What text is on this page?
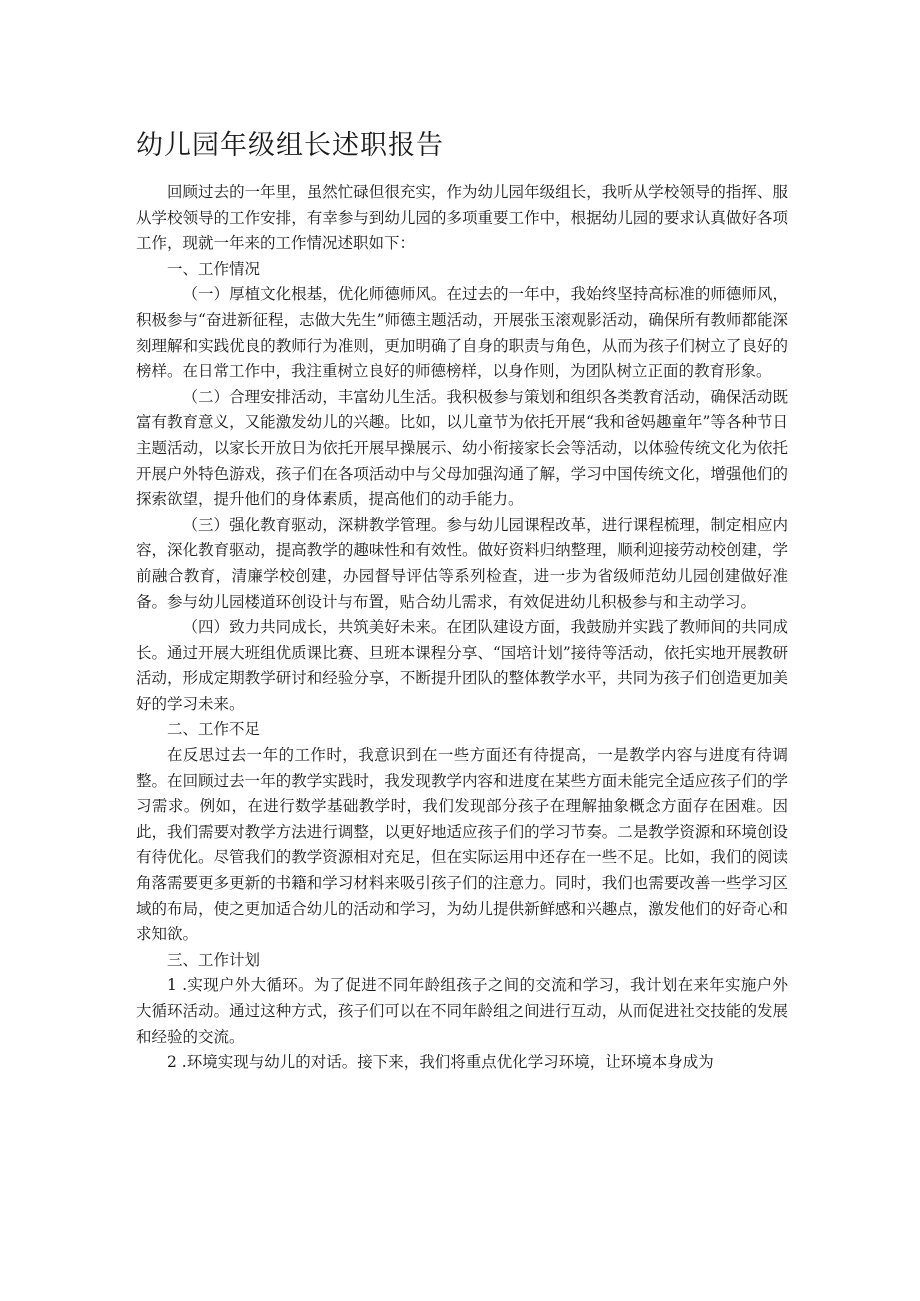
幼儿园年级组长述职报告

回顾过去的一年里，虽然忙碌但很充实，作为幼儿园年级组长，我听从学校领导的指挥、服从学校领导的工作安排，有幸参与到幼儿园的多项重要工作中，根据幼儿园的要求认真做好各项工作，现就一年来的工作情况述职如下：

一、工作情况

（一）厚植文化根基，优化师德师风。在过去的一年中，我始终坚持高标准的师德师风，积极参与“奋进新征程，志做大先生”师德主题活动，开展张玉滚观影活动，确保所有教师都能深刻理解和实践优良的教师行为准则，更加明确了自身的职责与角色，从而为孩子们树立了良好的榜样。在日常工作中，我注重树立良好的师德榜样，以身作则，为团队树立正面的教育形象。

（二）合理安排活动，丰富幼儿生活。我积极参与策划和组织各类教育活动，确保活动既富有教育意义，又能激发幼儿的兴趣。比如，以儿童节为依托开展“我和爸妈趣童年”等各种节日主题活动，以家长开放日为依托开展早操展示、幼小衔接家长会等活动，以体验传统文化为依托开展户外特色游戏，孩子们在各项活动中与父母加强沟通了解，学习中国传统文化，增强他们的探索欲望，提升他们的身体素质，提高他们的动手能力。

（三）强化教育驱动，深耕教学管理。参与幼儿园课程改革，进行课程梳理，制定相应内容，深化教育驱动，提高教学的趣味性和有效性。做好资料归纳整理，顺利迎接劳动校创建，学前融合教育，清廉学校创建，办园督导评估等系列检查，进一步为省级师范幼儿园创建做好准备。参与幼儿园楼道环创设计与布置，贴合幼儿需求，有效促进幼儿积极参与和主动学习。

（四）致力共同成长，共筑美好未来。在团队建设方面，我鼓励并实践了教师间的共同成长。通过开展大班组优质课比赛、旦班本课程分享、“国培计划”接待等活动，依托实地开展教研活动，形成定期教学研讨和经验分享，不断提升团队的整体教学水平，共同为孩子们创造更加美好的学习未来。

二、工作不足

在反思过去一年的工作时，我意识到在一些方面还有待提高，一是教学内容与进度有待调整。在回顾过去一年的教学实践时，我发现教学内容和进度在某些方面未能完全适应孩子们的学习需求。例如，在进行数学基础教学时，我们发现部分孩子在理解抽象概念方面存在困难。因此，我们需要对教学方法进行调整，以更好地适应孩子们的学习节奏。二是教学资源和环境创设有待优化。尽管我们的教学资源相对充足，但在实际运用中还存在一些不足。比如，我们的阅读角落需要更多更新的书籍和学习材料来吸引孩子们的注意力。同时，我们也需要改善一些学习区域的布局，使之更加适合幼儿的活动和学习，为幼儿提供新鲜感和兴趣点，激发他们的好奇心和求知欲。

三、工作计划

1 .实现户外大循环。为了促进不同年龄组孩子之间的交流和学习，我计划在来年实施户外大循环活动。通过这种方式，孩子们可以在不同年龄组之间进行互动，从而促进社交技能的发展和经验的交流。

2 .环境实现与幼儿的对话。接下来，我们将重点优化学习环境，让环境本身成为
